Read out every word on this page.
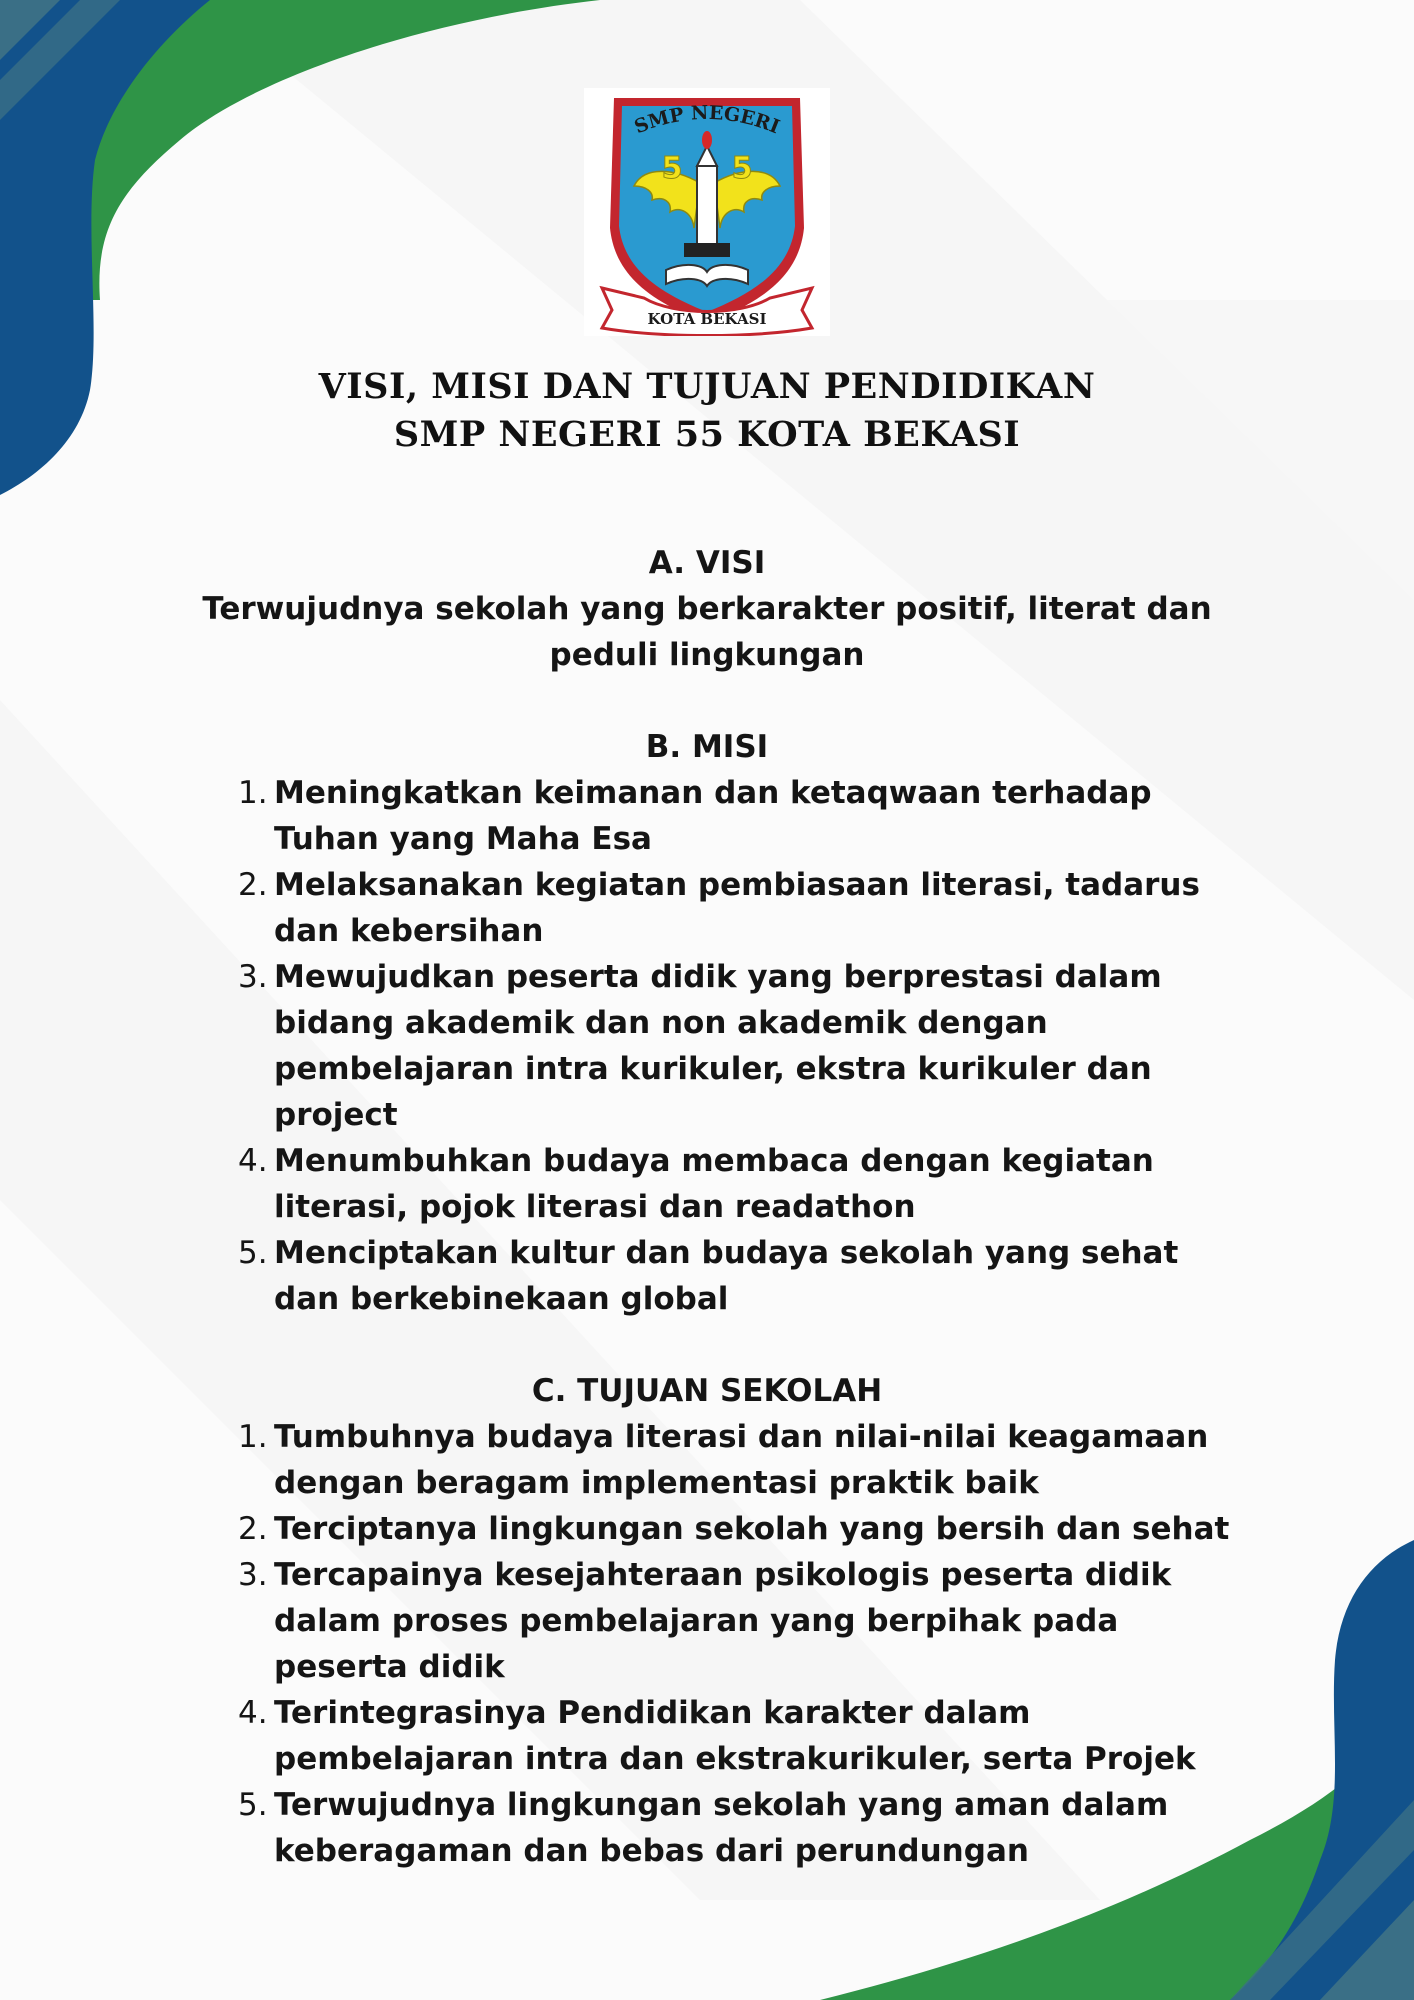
SMP NEGERI
5 5
KOTA BEKASI
VISI, MISI DAN TUJUAN PENDIDIKAN
SMP NEGERI 55 KOTA BEKASI

A. VISI

Terwujudnya sekolah yang berkarakter positif, literat dan peduli lingkungan

B. MISI

1. Meningkatkan keimanan dan ketaqwaan terhadap Tuhan yang Maha Esa
2. Melaksanakan kegiatan pembiasaan literasi, tadarus dan kebersihan
3. Mewujudkan peserta didik yang berprestasi dalam bidang akademik dan non akademik dengan pembelajaran intra kurikuler, ekstra kurikuler dan project
4. Menumbuhkan budaya membaca dengan kegiatan literasi, pojok literasi dan readathon
5. Menciptakan kultur dan budaya sekolah yang sehat dan berkebinekaan global

C. TUJUAN SEKOLAH

1. Tumbuhnya budaya literasi dan nilai-nilai keagamaan dengan beragam implementasi praktik baik
2. Terciptanya lingkungan sekolah yang bersih dan sehat
3. Tercapainya kesejahteraan psikologis peserta didik dalam proses pembelajaran yang berpihak pada peserta didik
4. Terintegrasinya Pendidikan karakter dalam pembelajaran intra dan ekstrakurikuler, serta Projek
5. Terwujudnya lingkungan sekolah yang aman dalam keberagaman dan bebas dari perundungan
